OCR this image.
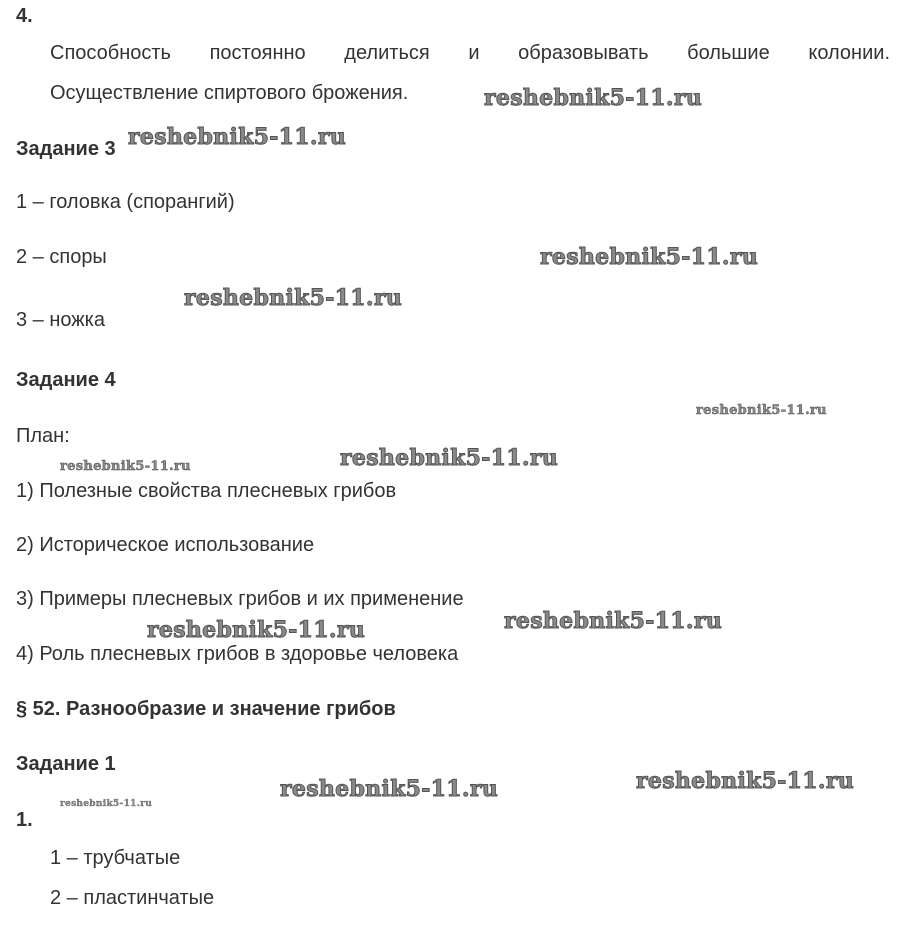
4.
Способность постоянно делиться и образовывать большие колонии.
Осуществление спиртового брожения.
Задание 3
1 – головка (спорангий)
2 – споры
3 – ножка
Задание 4
План:
1) Полезные свойства плесневых грибов
2) Историческое использование
3) Примеры плесневых грибов и их применение
4) Роль плесневых грибов в здоровье человека
§ 52. Разнообразие и значение грибов
Задание 1
1.
1 – трубчатые
2 – пластинчатые
reshebnik5-11.ru
reshebnik5-11.ru
reshebnik5-11.ru
reshebnik5-11.ru
reshebnik5-11.ru
reshebnik5-11.ru
reshebnik5-11.ru
reshebnik5-11.ru
reshebnik5-11.ru
reshebnik5-11.ru
reshebnik5-11.ru
reshebnik5-11.ru
